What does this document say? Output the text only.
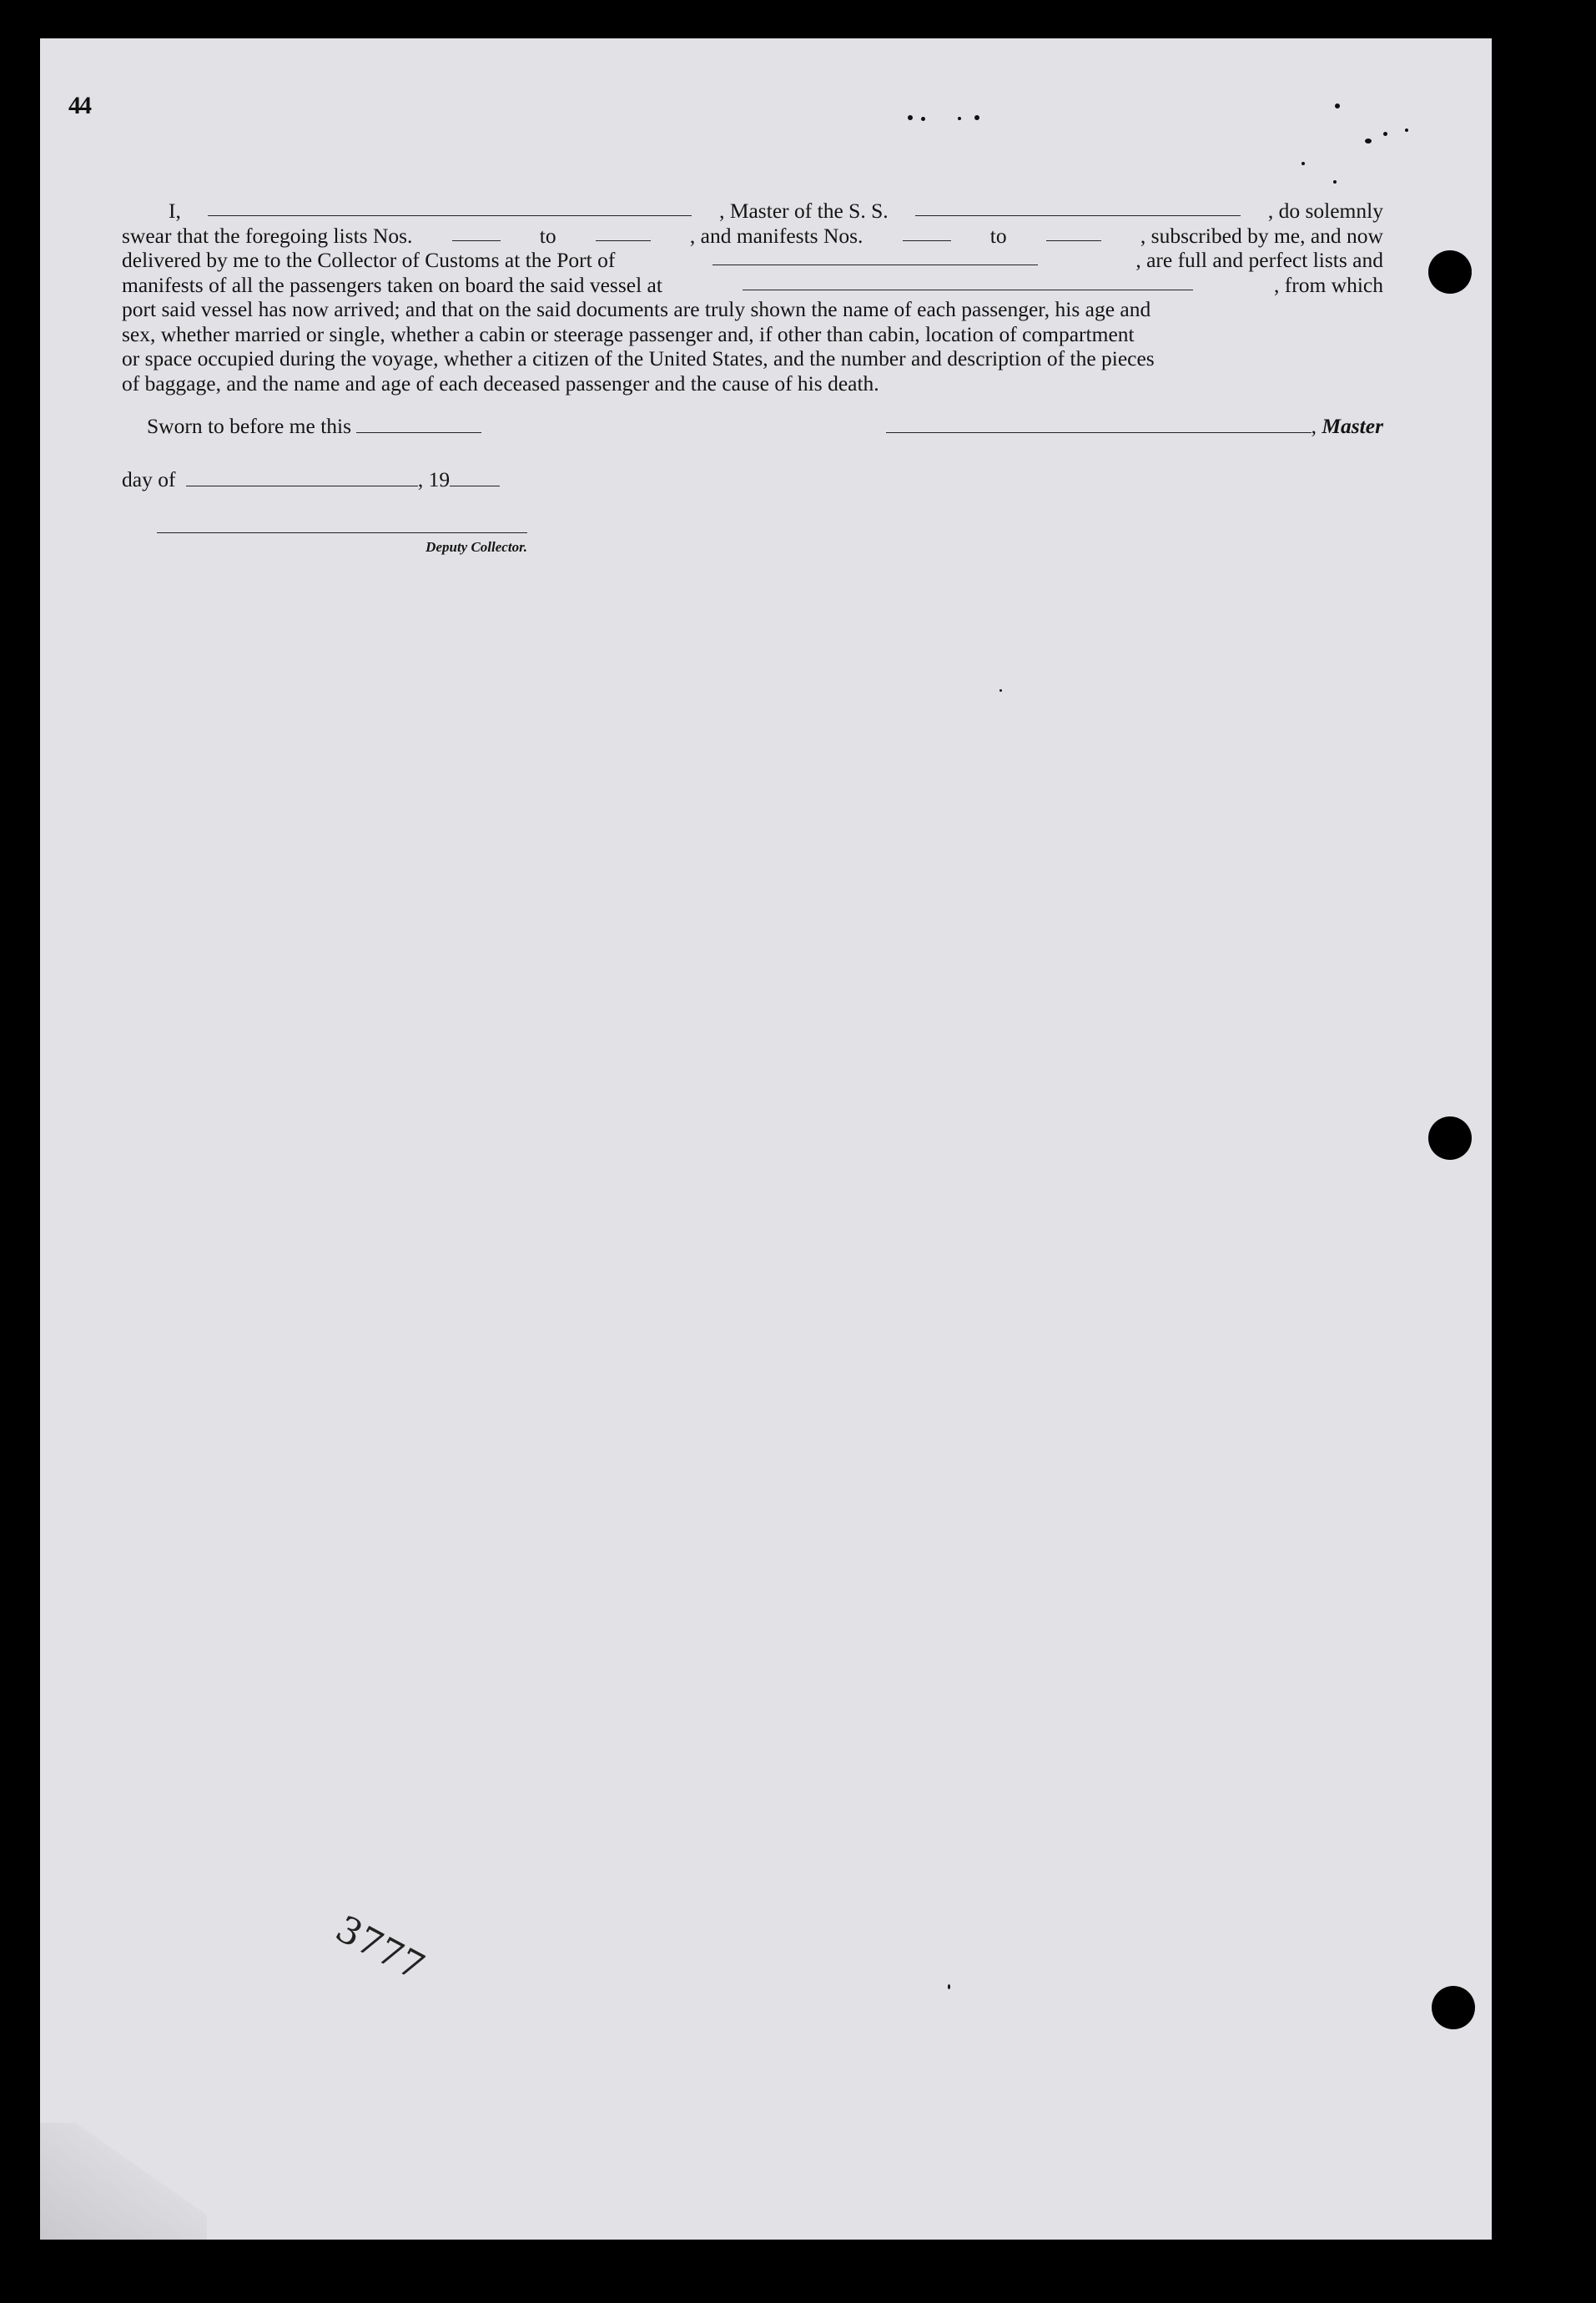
44
I,	, Master of the S. S.	, do solemnly
swear that the foregoing lists Nos.	to	, and manifests Nos.	to	, subscribed by me, and now
delivered by me to the Collector of Customs at the Port of	, are full and perfect lists and
manifests of all the passengers taken on board the said vessel at	, from which
port said vessel has now arrived; and that on the said documents are truly shown the name of each passenger, his age and
sex, whether married or single, whether a cabin or steerage passenger and, if other than cabin, location of compartment
or space occupied during the voyage, whether a citizen of the United States, and the number and description of the pieces
of baggage, and the name and age of each deceased passenger and the cause of his death.
Sworn to before me this	, Master
day of	, 19
Deputy Collector.
3777
